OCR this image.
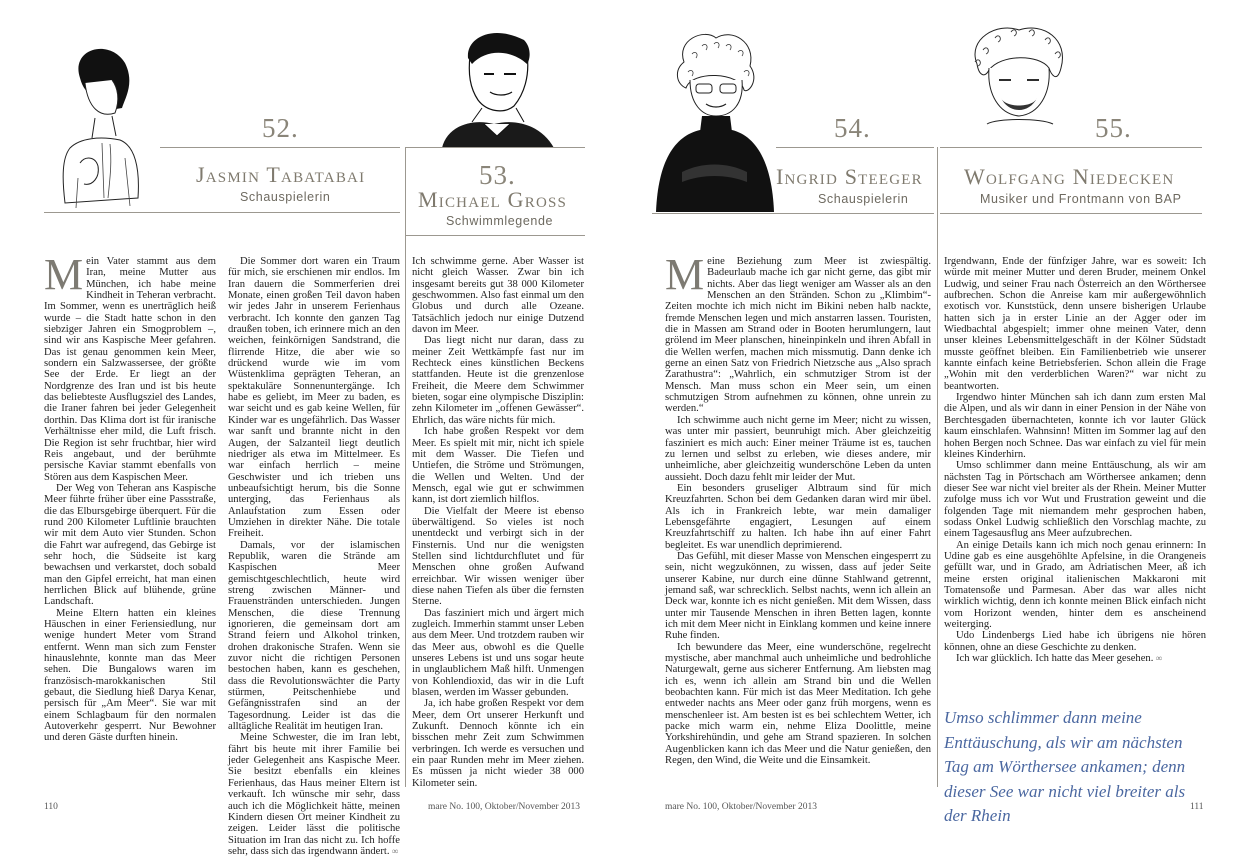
52.
Jasmin Tabatabai
Schauspielerin
53.
Michael Gross
Schwimmlegende
54.
Ingrid Steeger
Schauspielerin
55.
Wolfgang Niedecken
Musiker und Frontmann von BAP

Mein Vater stammt aus dem Iran, meine Mutter aus München, ich habe meine Kindheit in Teheran verbracht. Im Sommer, wenn es unerträglich heiß wurde – die Stadt hatte schon in den siebziger Jahren ein Smogproblem –, sind wir ans Kaspische Meer gefahren. Das ist genau genommen kein Meer, sondern ein Salzwassersee, der größte See der Erde. Er liegt an der Nordgrenze des Iran und ist bis heute das beliebteste Ausflugsziel des Landes, die Iraner fahren bei jeder Gelegenheit dorthin. Das Klima dort ist für iranische Verhältnisse eher mild, die Luft frisch. Die Region ist sehr fruchtbar, hier wird Reis angebaut, und der berühmte persische Kaviar stammt ebenfalls von Stören aus dem Kaspischen Meer.

Der Weg von Teheran ans Kaspische Meer führte früher über eine Passstraße, die das Elbursgebirge überquert. Für die rund 200 Kilometer Luftlinie brauchten wir mit dem Auto vier Stunden. Schon die Fahrt war aufregend, das Gebirge ist sehr hoch, die Südseite ist karg bewachsen und verkarstet, doch sobald man den Gipfel erreicht, hat man einen herrlichen Blick auf blühende, grüne Landschaft.

Meine Eltern hatten ein kleines Häuschen in einer Feriensiedlung, nur wenige hundert Meter vom Strand entfernt. Wenn man sich zum Fenster hinauslehnte, konnte man das Meer sehen. Die Bungalows waren im französisch-marokkanischen Stil gebaut, die Siedlung hieß Darya Kenar, persisch für „Am Meer“. Sie war mit einem Schlagbaum für den normalen Autoverkehr gesperrt. Nur Bewohner und deren Gäste durften hinein.

Die Sommer dort waren ein Traum für mich, sie erschienen mir endlos. Im Iran dauern die Sommerferien drei Monate, einen großen Teil davon haben wir jedes Jahr in unserem Ferienhaus verbracht. Ich konnte den ganzen Tag draußen toben, ich erinnere mich an den weichen, feinkörnigen Sandstrand, die flirrende Hitze, die aber wie so drückend wurde wie im vom Wüstenklima geprägten Teheran, an spektakuläre Sonnenuntergänge. Ich habe es geliebt, im Meer zu baden, es war seicht und es gab keine Wellen, für Kinder war es ungefährlich. Das Wasser war sanft und brannte nicht in den Augen, der Salzanteil liegt deutlich niedriger als etwa im Mittelmeer. Es war einfach herrlich – meine Geschwister und ich trieben uns unbeaufsichtigt herum, bis die Sonne unterging, das Ferienhaus als Anlaufstation zum Essen oder Umziehen in direkter Nähe. Die totale Freiheit.

Damals, vor der islamischen Republik, waren die Strände am Kaspischen Meer gemischtgeschlechtlich, heute wird streng zwischen Männer- und Frauenstränden unterschieden. Jungen Menschen, die diese Trennung ignorieren, die gemeinsam dort am Strand feiern und Alkohol trinken, drohen drakonische Strafen. Wenn sie zuvor nicht die richtigen Personen bestochen haben, kann es geschehen, dass die Revolutionswächter die Party stürmen, Peitschenhiebe und Gefängnisstrafen sind an der Tagesordnung. Leider ist das die alltägliche Realität im heutigen Iran.

Meine Schwester, die im Iran lebt, fährt bis heute mit ihrer Familie bei jeder Gelegenheit ans Kaspische Meer. Sie besitzt ebenfalls ein kleines Ferienhaus, das Haus meiner Eltern ist verkauft. Ich wünsche mir sehr, dass auch ich die Möglichkeit hätte, meinen Kindern diesen Ort meiner Kindheit zu zeigen. Leider lässt die politische Situation im Iran das nicht zu. Ich hoffe sehr, dass sich das irgendwann ändert. ∞

Ich schwimme gerne. Aber Wasser ist nicht gleich Wasser. Zwar bin ich insgesamt bereits gut 38 000 Kilometer geschwommen. Also fast einmal um den Globus und durch alle Ozeane. Tatsächlich jedoch nur einige Dutzend davon im Meer.

Das liegt nicht nur daran, dass zu meiner Zeit Wettkämpfe fast nur im Rechteck eines künstlichen Beckens stattfanden. Heute ist die grenzenlose Freiheit, die Meere dem Schwimmer bieten, sogar eine olympische Disziplin: zehn Kilometer im „offenen Gewässer“. Ehrlich, das wäre nichts für mich.

Ich habe großen Respekt vor dem Meer. Es spielt mit mir, nicht ich spiele mit dem Wasser. Die Tiefen und Untiefen, die Ströme und Strömungen, die Wellen und Welten. Und der Mensch, egal wie gut er schwimmen kann, ist dort ziemlich hilflos.

Die Vielfalt der Meere ist ebenso überwältigend. So vieles ist noch unentdeckt und verbirgt sich in der Finsternis. Und nur die wenigsten Stellen sind lichtdurchflutet und für Menschen ohne großen Aufwand erreichbar. Wir wissen weniger über diese nahen Tiefen als über die fernsten Sterne.

Das fasziniert mich und ärgert mich zugleich. Immerhin stammt unser Leben aus dem Meer. Und trotzdem rauben wir das Meer aus, obwohl es die Quelle unseres Lebens ist und uns sogar heute in unglaublichem Maß hilft. Unmengen von Kohlendioxid, das wir in die Luft blasen, werden im Wasser gebunden.

Ja, ich habe großen Respekt vor dem Meer, dem Ort unserer Herkunft und Zukunft. Dennoch könnte ich ein bisschen mehr Zeit zum Schwimmen verbringen. Ich werde es versuchen und ein paar Runden mehr im Meer ziehen. Es müssen ja nicht wieder 38 000 Kilometer sein.

Meine Beziehung zum Meer ist zwiespältig. Badeurlaub mache ich gar nicht gerne, das gibt mir nichts. Aber das liegt weniger am Wasser als an den Menschen an den Stränden. Schon zu „Klimbim“-Zeiten mochte ich mich nicht im Bikini neben halb nackte, fremde Menschen legen und mich anstarren lassen. Touristen, die in Massen am Strand oder in Booten herumlungern, laut grölend im Meer planschen, hineinpinkeln und ihren Abfall in die Wellen werfen, machen mich missmutig. Dann denke ich gerne an einen Satz von Friedrich Nietzsche aus „Also sprach Zarathustra“: „Wahrlich, ein schmutziger Strom ist der Mensch. Man muss schon ein Meer sein, um einen schmutzigen Strom aufnehmen zu können, ohne unrein zu werden.“

Ich schwimme auch nicht gerne im Meer; nicht zu wissen, was unter mir passiert, beunruhigt mich. Aber gleichzeitig fasziniert es mich auch: Einer meiner Träume ist es, tauchen zu lernen und selbst zu erleben, wie dieses andere, mir unheimliche, aber gleichzeitig wunderschöne Leben da unten aussieht. Doch dazu fehlt mir leider der Mut.

Ein besonders gruseliger Albtraum sind für mich Kreuzfahrten. Schon bei dem Gedanken daran wird mir übel. Als ich in Frankreich lebte, war mein damaliger Lebensgefährte engagiert, Lesungen auf einem Kreuzfahrtschiff zu halten. Ich habe ihn auf einer Fahrt begleitet. Es war unendlich deprimierend.

Das Gefühl, mit dieser Masse von Menschen eingesperrt zu sein, nicht wegzukönnen, zu wissen, dass auf jeder Seite unserer Kabine, nur durch eine dünne Stahlwand getrennt, jemand saß, war schrecklich. Selbst nachts, wenn ich allein an Deck war, konnte ich es nicht genießen. Mit dem Wissen, dass unter mir Tausende Menschen in ihren Betten lagen, konnte ich mit dem Meer nicht in Einklang kommen und keine innere Ruhe finden.

Ich bewundere das Meer, eine wunderschöne, regelrecht mystische, aber manchmal auch unheimliche und bedrohliche Naturgewalt, gerne aus sicherer Entfernung. Am liebsten mag ich es, wenn ich allein am Strand bin und die Wellen beobachten kann. Für mich ist das Meer Meditation. Ich gehe entweder nachts ans Meer oder ganz früh morgens, wenn es menschenleer ist. Am besten ist es bei schlechtem Wetter, ich packe mich warm ein, nehme Eliza Doolittle, meine Yorkshirehündin, und gehe am Strand spazieren. In solchen Augenblicken kann ich das Meer und die Natur genießen, den Regen, den Wind, die Weite und die Einsamkeit.

Irgendwann, Ende der fünfziger Jahre, war es soweit: Ich würde mit meiner Mutter und deren Bruder, meinem Onkel Ludwig, und seiner Frau nach Österreich an den Wörthersee aufbrechen. Schon die Anreise kam mir außergewöhnlich exotisch vor. Kunststück, denn unsere bisherigen Urlaube hatten sich ja in erster Linie an der Agger oder im Wiedbachtal abgespielt; immer ohne meinen Vater, denn unser kleines Lebensmittelgeschäft in der Kölner Südstadt musste geöffnet bleiben. Ein Familienbetrieb wie unserer kannte einfach keine Betriebsferien. Schon allein die Frage „Wohin mit den verderblichen Waren?“ war nicht zu beantworten.

Irgendwo hinter München sah ich dann zum ersten Mal die Alpen, und als wir dann in einer Pension in der Nähe von Berchtesgaden übernachteten, konnte ich vor lauter Glück kaum einschlafen. Wahnsinn! Mitten im Sommer lag auf den hohen Bergen noch Schnee. Das war einfach zu viel für mein kleines Kinderhirn.

Umso schlimmer dann meine Enttäuschung, als wir am nächsten Tag in Pörtschach am Wörthersee ankamen; denn dieser See war nicht viel breiter als der Rhein. Meiner Mutter zufolge muss ich vor Wut und Frustration geweint und die folgenden Tage mit niemandem mehr gesprochen haben, sodass Onkel Ludwig schließlich den Vorschlag machte, zu einem Tagesausflug ans Meer aufzubrechen.

An einige Details kann ich mich noch genau erinnern: In Udine gab es eine ausgehöhlte Apfelsine, in die Orangeneis gefüllt war, und in Grado, am Adriatischen Meer, aß ich meine ersten original italienischen Makkaroni mit Tomatensoße und Parmesan. Aber das war alles nicht wirklich wichtig, denn ich konnte meinen Blick einfach nicht vom Horizont wenden, hinter dem es anscheinend weiterging.

Udo Lindenbergs Lied habe ich übrigens nie hören können, ohne an diese Geschichte zu denken.

Ich war glücklich. Ich hatte das Meer gesehen. ∞

Umso schlimmer dann meine Enttäuschung, als wir am nächsten Tag am Wörthersee ankamen; denn dieser See war nicht viel breiter als der Rhein
110	mare No. 100, Oktober/November 2013	mare No. 100, Oktober/November 2013	111
